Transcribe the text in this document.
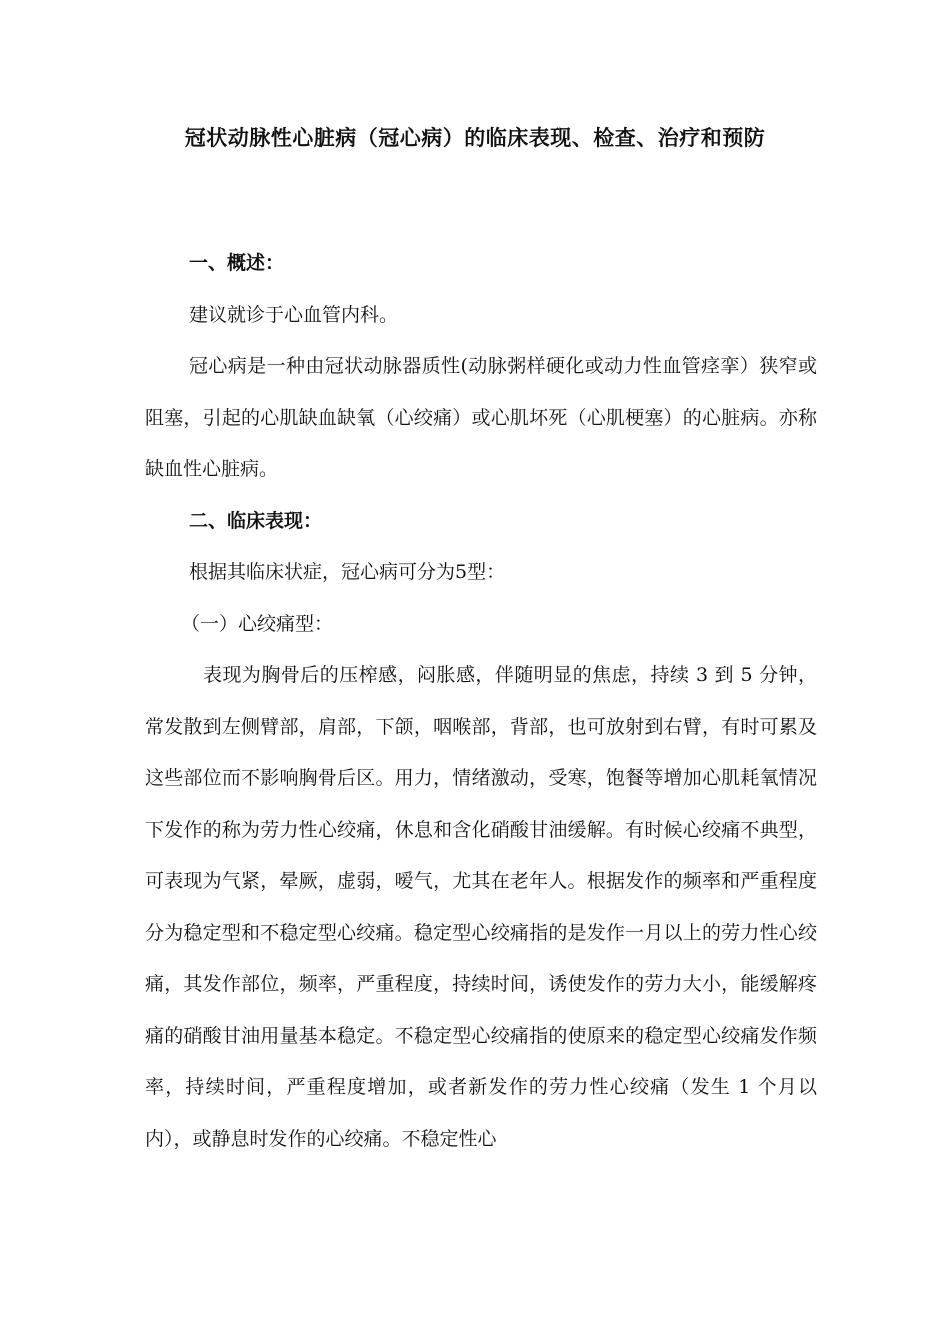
冠状动脉性心脏病（冠心病）的临床表现、检查、治疗和预防

一、概述：

建议就诊于心血管内科。

冠心病是一种由冠状动脉器质性(动脉粥样硬化或动力性血管痉挛）狭窄或阻塞，引起的心肌缺血缺氧（心绞痛）或心肌坏死（心肌梗塞）的心脏病。亦称缺血性心脏病。

二、临床表现：

根据其临床状症，冠心病可分为5型：

（一）心绞痛型：

表现为胸骨后的压榨感，闷胀感，伴随明显的焦虑，持续 3 到 5 分钟，常发散到左侧臂部，肩部，下颌，咽喉部，背部，也可放射到右臂，有时可累及这些部位而不影响胸骨后区。用力，情绪激动，受寒，饱餐等增加心肌耗氧情况下发作的称为劳力性心绞痛，休息和含化硝酸甘油缓解。有时候心绞痛不典型，可表现为气紧，晕厥，虚弱，嗳气，尤其在老年人。根据发作的频率和严重程度分为稳定型和不稳定型心绞痛。稳定型心绞痛指的是发作一月以上的劳力性心绞痛，其发作部位，频率，严重程度，持续时间，诱使发作的劳力大小，能缓解疼痛的硝酸甘油用量基本稳定。不稳定型心绞痛指的使原来的稳定型心绞痛发作频率，持续时间，严重程度增加，或者新发作的劳力性心绞痛（发生 1 个月以内），或静息时发作的心绞痛。不稳定性心
